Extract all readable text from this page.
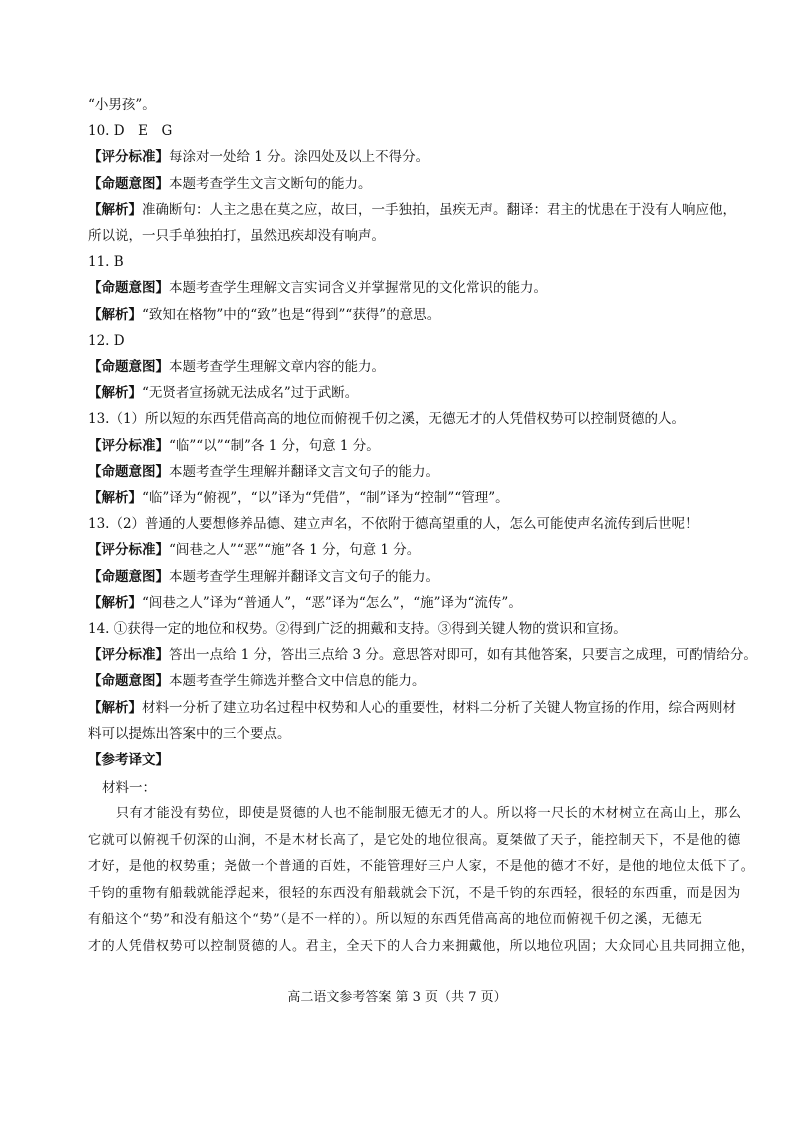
“小男孩”。
10. D　E　G
【评分标准】每涂对一处给 1 分。涂四处及以上不得分。
【命题意图】本题考查学生文言文断句的能力。
【解析】准确断句：人主之患在莫之应，故曰，一手独拍，虽疾无声。翻译：君主的忧患在于没有人响应他，
所以说，一只手单独拍打，虽然迅疾却没有响声。
11. B
【命题意图】本题考查学生理解文言实词含义并掌握常见的文化常识的能力。
【解析】“致知在格物”中的“致”也是“得到”“获得”的意思。
12. D
【命题意图】本题考查学生理解文章内容的能力。
【解析】“无贤者宣扬就无法成名”过于武断。
13.（1）所以短的东西凭借高高的地位而俯视千仞之溪，无德无才的人凭借权势可以控制贤德的人。
【评分标准】“临”“以”“制”各 1 分，句意 1 分。
【命题意图】本题考查学生理解并翻译文言文句子的能力。
【解析】“临”译为“俯视”，“以”译为“凭借”，“制”译为“控制”“管理”。
13.（2）普通的人要想修养品德、建立声名，不依附于德高望重的人，怎么可能使声名流传到后世呢！
【评分标准】“闾巷之人”“恶”“施”各 1 分，句意 1 分。
【命题意图】本题考查学生理解并翻译文言文句子的能力。
【解析】“闾巷之人”译为“普通人”，“恶”译为“怎么”，“施”译为“流传”。
14. ①获得一定的地位和权势。②得到广泛的拥戴和支持。③得到关键人物的赏识和宣扬。
【评分标准】答出一点给 1 分，答出三点给 3 分。意思答对即可，如有其他答案，只要言之成理，可酌情给分。
【命题意图】本题考查学生筛选并整合文中信息的能力。
【解析】材料一分析了建立功名过程中权势和人心的重要性，材料二分析了关键人物宣扬的作用，综合两则材
料可以提炼出答案中的三个要点。
【参考译文】
材料一：
只有才能没有势位，即使是贤德的人也不能制服无德无才的人。所以将一尺长的木材树立在高山上，那么
它就可以俯视千仞深的山涧，不是木材长高了，是它处的地位很高。夏桀做了天子，能控制天下，不是他的德
才好，是他的权势重；尧做一个普通的百姓，不能管理好三户人家，不是他的德才不好，是他的地位太低下了。
千钧的重物有船载就能浮起来，很轻的东西没有船载就会下沉，不是千钧的东西轻，很轻的东西重，而是因为
有船这个“势”和没有船这个“势”（是不一样的）。所以短的东西凭借高高的地位而俯视千仞之溪，无德无
才的人凭借权势可以控制贤德的人。君主，全天下的人合力来拥戴他，所以地位巩固；大众同心且共同拥立他，
高二语文参考答案 第 3 页（共 7 页）
